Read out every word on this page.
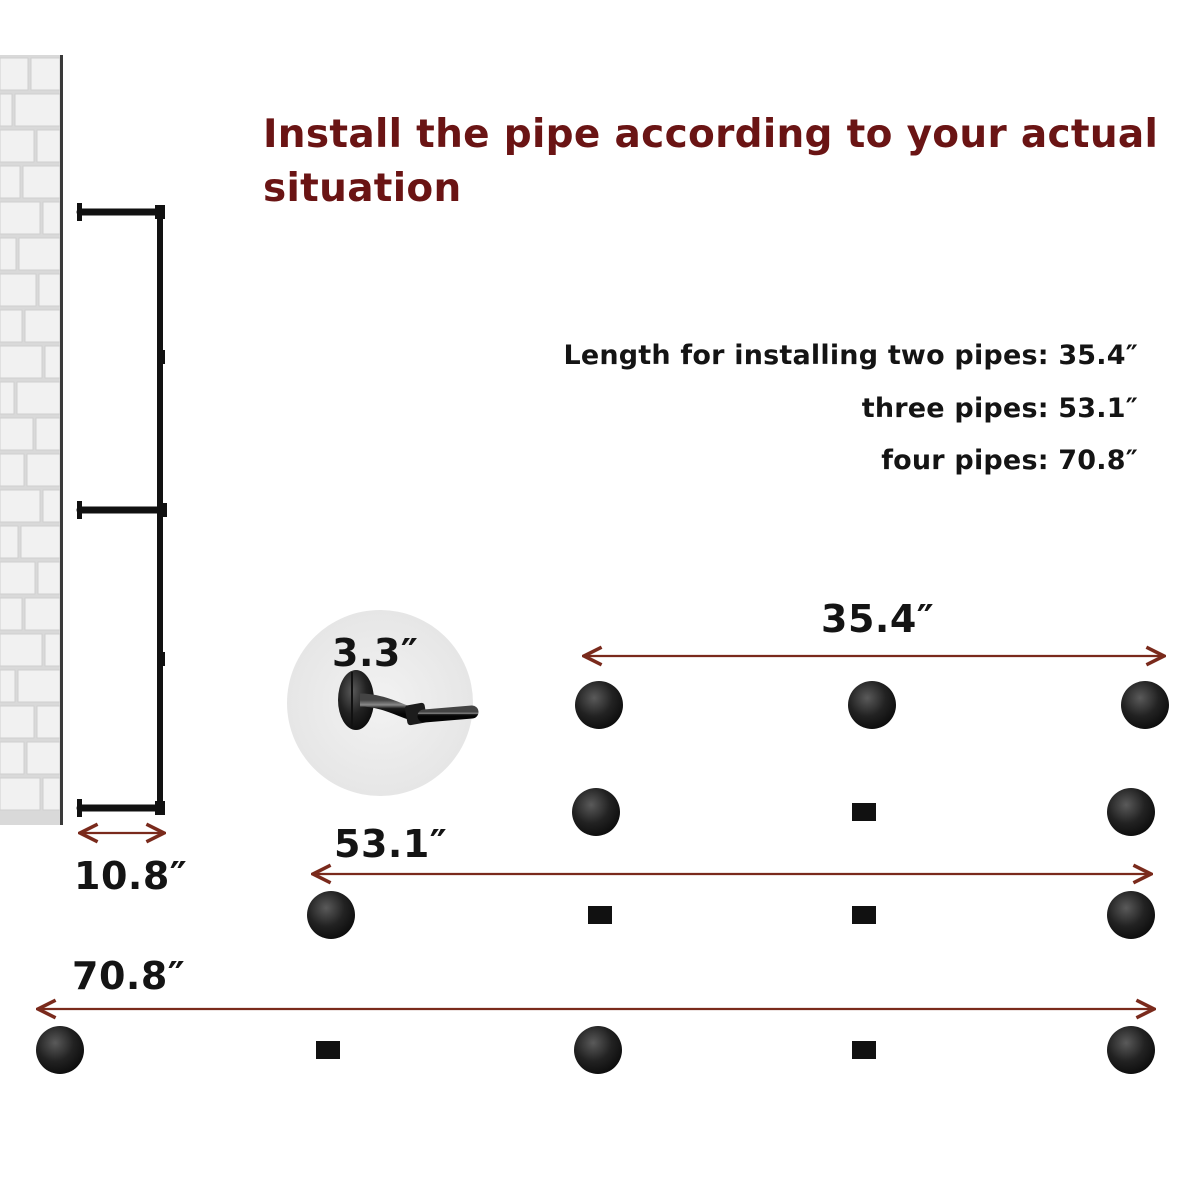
Install the pipe according to your actual situation
Length for installing two pipes: 35.4″
three pipes: 53.1″
four pipes: 70.8″
10.8″
3.3″
35.4″
53.1″
70.8″
